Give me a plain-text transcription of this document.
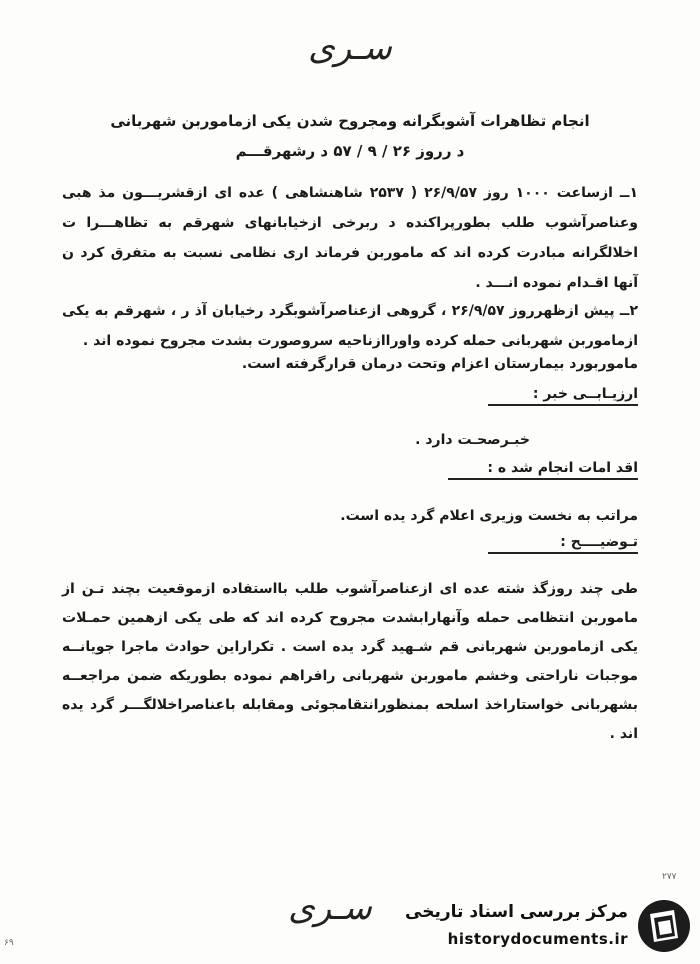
سـری
انجام تظاهرات آشوبگرانه ومجروح شدن یکی ازماموربن شهربانی
د رروز ۲۶ / ۹ / ۵۷ د رشهرقـــم
۱ــ ازساعت ۱۰۰۰ روز ۲۶/۹/۵۷ ( ۲۵۳۷ شاهنشاهی ) عده ای ازقشریـــون مذ هبی وعناصرآشوب طلب بطورپراکنده د ربرخی ازخیابانهای شهرقم به تظاهـــرا ت اخلالگرانه مبادرت کرده اند که ماموربن فرماند اری نظامی نسبت به متفرق کرد ن آنها اقـدام نموده انـــد .
۲ــ پیش ازظهرروز ۲۶/۹/۵۷ ، گروهی ازعناصرآشوبگرد رخیابان آذ ر ، شهرقم به یکی ازماموربن شهربانی حمله کرده واوراازناحیه سروصورت بشدت مجروح نموده اند .
ماموربورد بیمارستان اعزام وتحت درمان قرارگرفته است.
ارزیـابــی خبر :
خبـرصحـت دارد .
اقد امات انجام شد ه :
مراتب به نخست وزیری اعلام گرد یده است.
تـوضیــــح :
طی چند روزگذ شته عده ای ازعناصرآشوب طلب بااستفاده ازموقعیت بچند تـن از ماموربن انتظامی حمله وآنهارابشدت مجروح کرده اند که طی یکی ازهمین حمـلات یکی ازماموربن شهربانی قم شـهید گرد یده است . تکراراین حوادث ماجرا جویانــه موجبات ناراحتی وخشم ماموربن شهربانی رافراهم نموده بطوریکه ضمن مراجعــه بشهربانی خواستاراخذ اسلحه بمنظورانتقامجوئی ومقابله باعناصراخلالگـــر گرد یده اند .
سـری
۲۷۷
۶۹
مرکز بررسی اسناد تاریخی
historydocuments.ir
